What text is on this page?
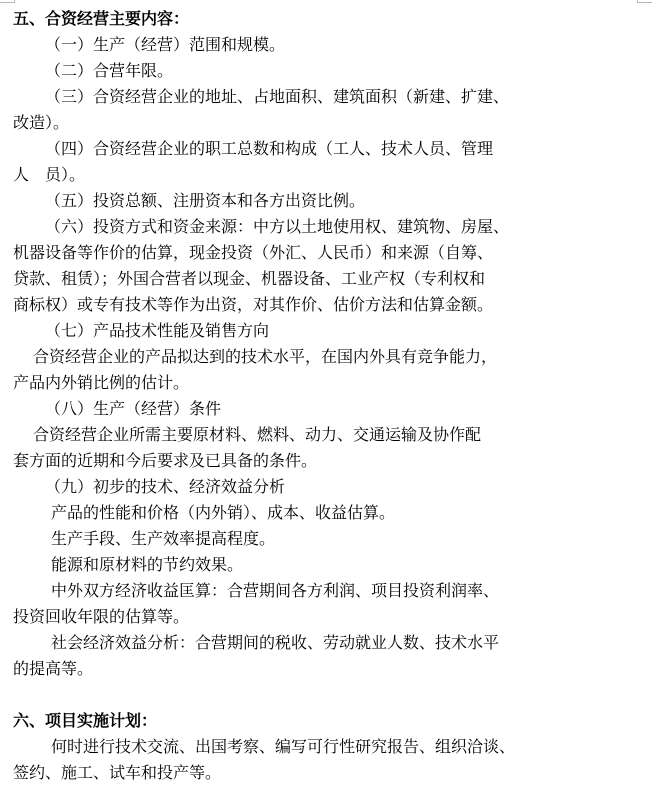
五、合资经营主要内容：

（一）生产（经营）范围和规模。

（二）合营年限。

（三）合资经营企业的地址、占地面积、建筑面积（新建、扩建、

改造）。

（四）合资经营企业的职工总数和构成（工人、技术人员、管理

人　员）。

（五）投资总额、注册资本和各方出资比例。

（六）投资方式和资金来源：中方以土地使用权、建筑物、房屋、

机器设备等作价的估算，现金投资（外汇、人民币）和来源（自筹、

贷款、租赁）；外国合营者以现金、机器设备、工业产权（专利权和

商标权）或专有技术等作为出资，对其作价、估价方法和估算金额。

（七）产品技术性能及销售方向

合资经营企业的产品拟达到的技术水平，在国内外具有竞争能力，

产品内外销比例的估计。

（八）生产（经营）条件

合资经营企业所需主要原材料、燃料、动力、交通运输及协作配

套方面的近期和今后要求及已具备的条件。

（九）初步的技术、经济效益分析

产品的性能和价格（内外销）、成本、收益估算。

生产手段、生产效率提高程度。

能源和原材料的节约效果。

中外双方经济收益匡算：合营期间各方利润、项目投资利润率、

投资回收年限的估算等。

社会经济效益分析：合营期间的税收、劳动就业人数、技术水平

的提高等。

六、项目实施计划：

何时进行技术交流、出国考察、编写可行性研究报告、组织洽谈、

签约、施工、试车和投产等。
